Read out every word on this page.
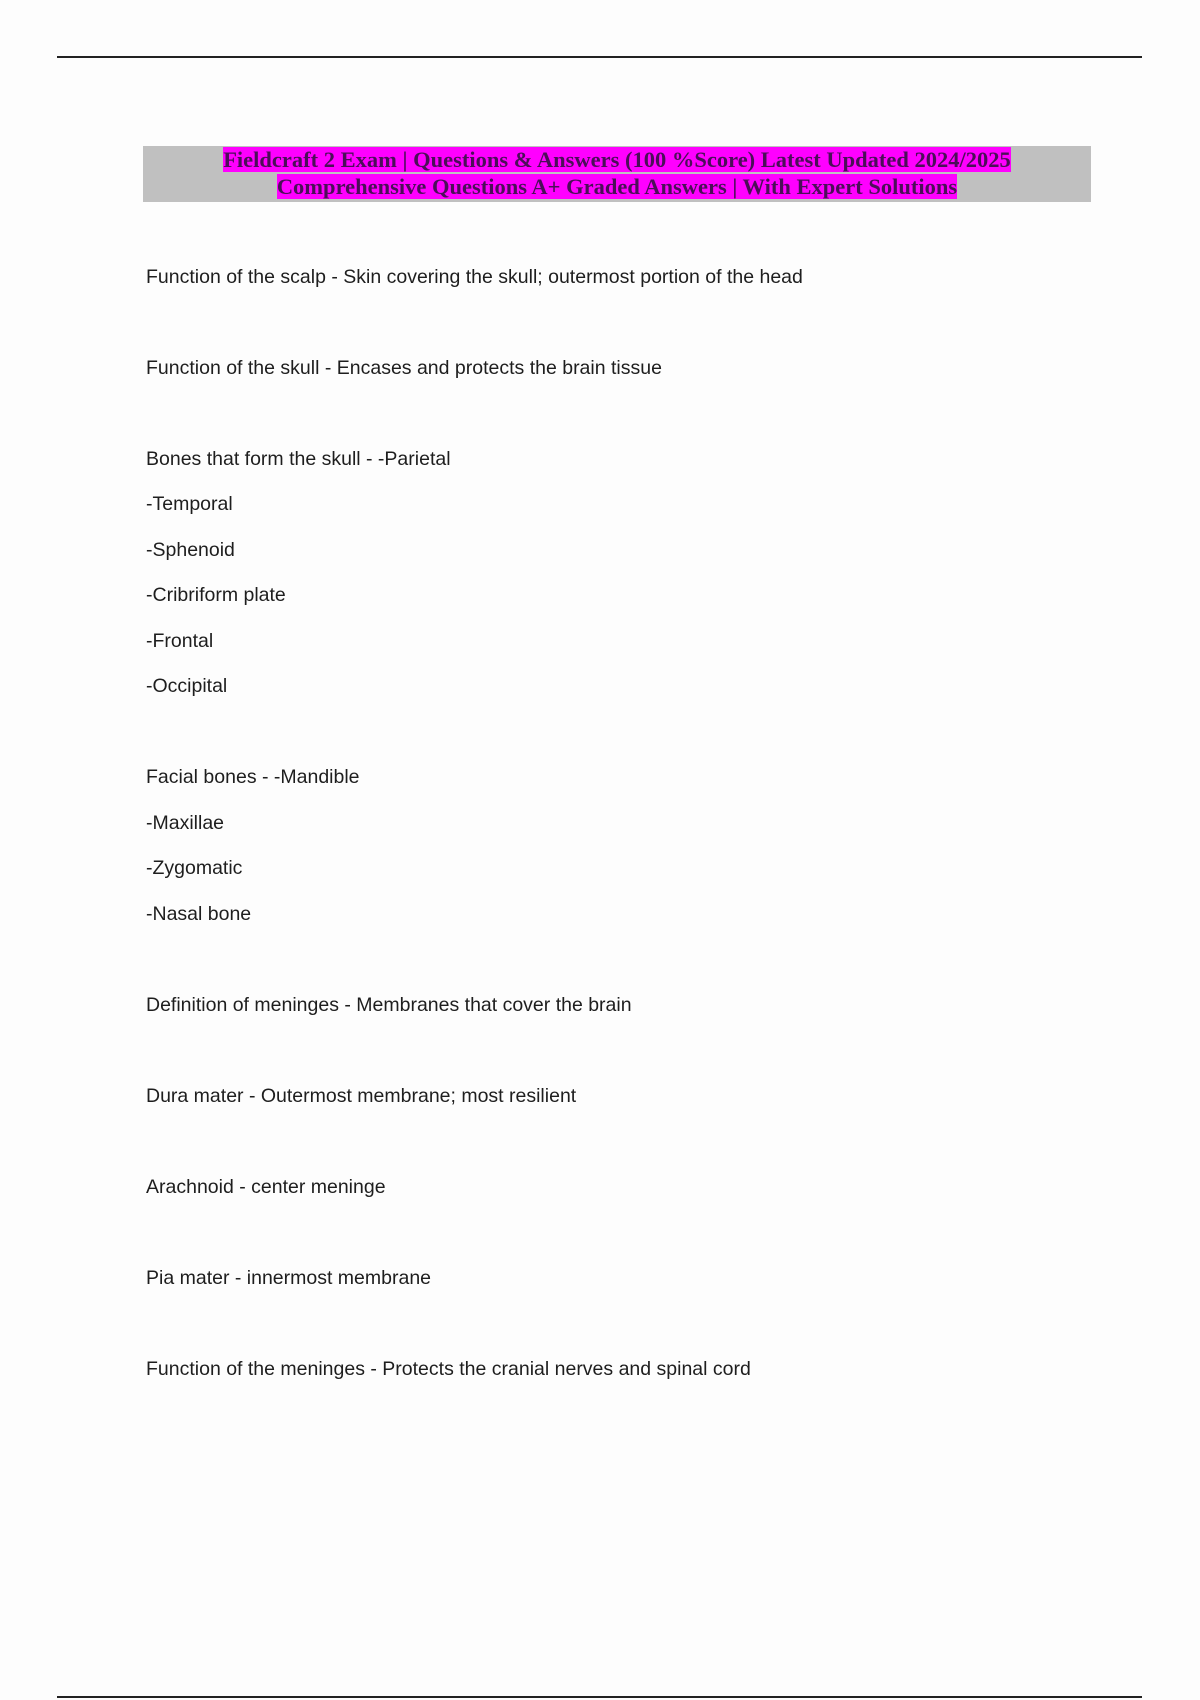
Fieldcraft 2 Exam | Questions & Answers (100 %Score) Latest Updated 2024/2025
Comprehensive Questions A+ Graded Answers | With Expert Solutions

Function of the scalp - Skin covering the skull; outermost portion of the head

Function of the skull - Encases and protects the brain tissue

Bones that form the skull - -Parietal

-Temporal

-Sphenoid

-Cribriform plate

-Frontal

-Occipital

Facial bones - -Mandible

-Maxillae

-Zygomatic

-Nasal bone

Definition of meninges - Membranes that cover the brain

Dura mater - Outermost membrane; most resilient

Arachnoid - center meninge

Pia mater - innermost membrane

Function of the meninges - Protects the cranial nerves and spinal cord
